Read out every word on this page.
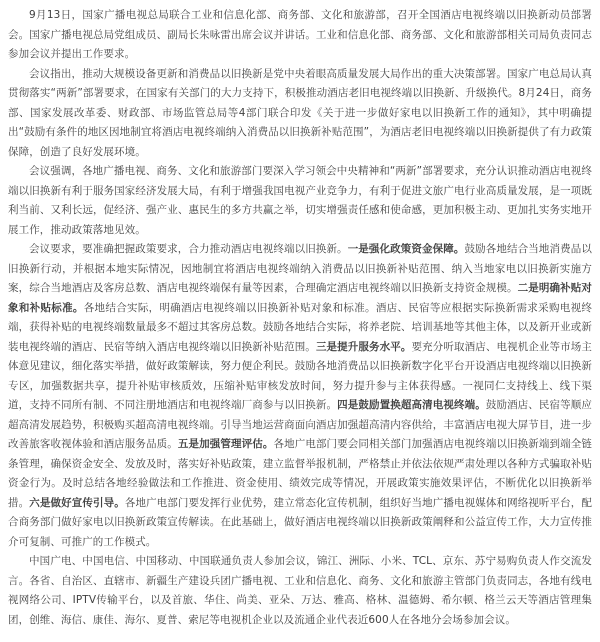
9月13日，国家广播电视总局联合工业和信息化部、商务部、文化和旅游部，召开全国酒店电视终端以旧换新动员部署会。国家广播电视总局党组成员、副局长朱咏雷出席会议并讲话。工业和信息化部、商务部、文化和旅游部相关司局负责同志参加会议并提出工作要求。

会议指出，推动大规模设备更新和消费品以旧换新是党中央着眼高质量发展大局作出的重大决策部署。国家广电总局认真贯彻落实“两新”部署要求，在国家有关部门的大力支持下，积极推动酒店老旧电视终端以旧换新、升级换代。8月24日，商务部、国家发展改革委、财政部、市场监管总局等4部门联合印发《关于进一步做好家电以旧换新工作的通知》，其中明确提出“鼓励有条件的地区因地制宜将酒店电视终端纳入消费品以旧换新补贴范围”，为酒店老旧电视终端以旧换新提供了有力政策保障，创造了良好发展环境。

会议强调，各地广播电视、商务、文化和旅游部门要深入学习领会中央精神和“两新”部署要求，充分认识推动酒店电视终端以旧换新有利于服务国家经济发展大局，有利于增强我国电视产业竞争力，有利于促进文旅广电行业高质量发展，是一项既利当前、又利长远，促经济、强产业、惠民生的多方共赢之举，切实增强责任感和使命感，更加积极主动、更加扎实务实地开展工作，推动政策落地见效。

会议要求，要准确把握政策要求，合力推动酒店电视终端以旧换新。一是强化政策资金保障。鼓励各地结合当地消费品以旧换新行动，并根据本地实际情况，因地制宜将酒店电视终端纳入消费品以旧换新补贴范围、纳入当地家电以旧换新实施方案，综合当地酒店及客房总数、酒店电视终端保有量等因素，合理确定酒店电视终端以旧换新支持资金规模。二是明确补贴对象和补贴标准。各地结合实际，明确酒店电视终端以旧换新补贴对象和标准。酒店、民宿等应根据实际换新需求采购电视终端，获得补贴的电视终端数量最多不超过其客房总数。鼓励各地结合实际，将养老院、培训基地等其他主体，以及新开业或新装电视终端的酒店、民宿等纳入酒店电视终端以旧换新补贴范围。三是提升服务水平。要充分听取酒店、电视机企业等市场主体意见建议，细化落实举措，做好政策解读，努力便企利民。鼓励各地消费品以旧换新数字化平台开设酒店电视终端以旧换新专区，加强数据共享，提升补贴审核质效，压缩补贴审核发放时间，努力提升参与主体获得感。一视同仁支持线上、线下渠道，支持不同所有制、不同注册地酒店和电视终端厂商参与以旧换新。四是鼓励置换超高清电视终端。鼓励酒店、民宿等顺应超高清发展趋势，积极购买超高清电视终端。引导当地运营商面向酒店加强超高清内容供给，丰富酒店电视大屏节目，进一步改善旅客收视体验和酒店服务品质。五是加强管理评估。各地广电部门要会同相关部门加强酒店电视终端以旧换新端到端全链条管理，确保资金安全、发放及时，落实好补贴政策，建立监督举报机制，严格禁止并依法依规严肃处理以各种方式骗取补贴资金行为。及时总结各地经验做法和工作推进、资金使用、绩效完成等情况，开展政策实施效果评估，不断优化以旧换新举措。六是做好宣传引导。各地广电部门要发挥行业优势，建立常态化宣传机制，组织好当地广播电视媒体和网络视听平台，配合商务部门做好家电以旧换新政策宣传解读。在此基础上，做好酒店电视终端以旧换新政策阐释和公益宣传工作，大力宣传推介可复制、可推广的工作模式。

中国广电、中国电信、中国移动、中国联通负责人参加会议，锦江、洲际、小米、TCL、京东、苏宁易购负责人作交流发言。各省、自治区、直辖市、新疆生产建设兵团广播电视、工业和信息化、商务、文化和旅游主管部门负责同志，各地有线电视网络公司、IPTV传输平台，以及首旅、华住、尚美、亚朵、万达、雅高、格林、温德姆、希尔顿、格兰云天等酒店管理集团，创维、海信、康佳、海尔、夏普、索尼等电视机企业以及流通企业代表近600人在各地分会场参加会议。
